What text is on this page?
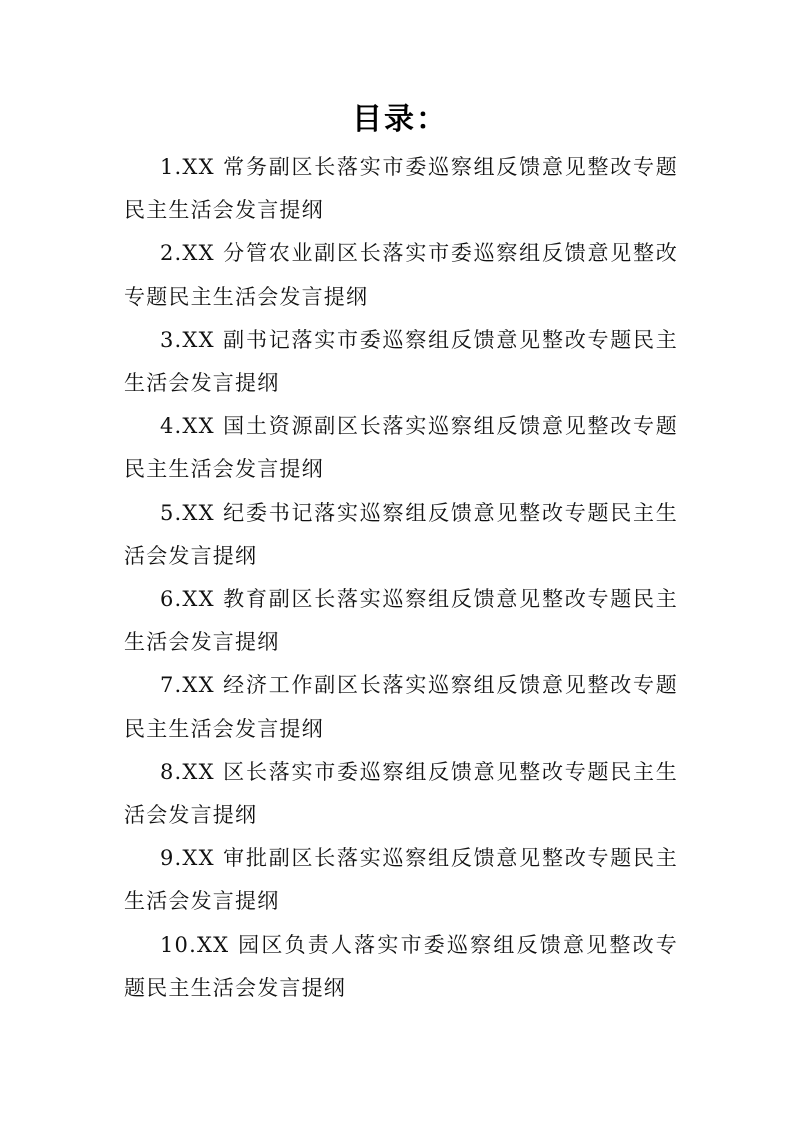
目录：
1.XX 常务副区长落实市委巡察组反馈意见整改专题民主生活会发言提纲
2.XX 分管农业副区长落实市委巡察组反馈意见整改专题民主生活会发言提纲
3.XX 副书记落实市委巡察组反馈意见整改专题民主生活会发言提纲
4.XX 国土资源副区长落实巡察组反馈意见整改专题民主生活会发言提纲
5.XX 纪委书记落实巡察组反馈意见整改专题民主生活会发言提纲
6.XX 教育副区长落实巡察组反馈意见整改专题民主生活会发言提纲
7.XX 经济工作副区长落实巡察组反馈意见整改专题民主生活会发言提纲
8.XX 区长落实市委巡察组反馈意见整改专题民主生活会发言提纲
9.XX 审批副区长落实巡察组反馈意见整改专题民主生活会发言提纲
10.XX 园区负责人落实市委巡察组反馈意见整改专题民主生活会发言提纲
